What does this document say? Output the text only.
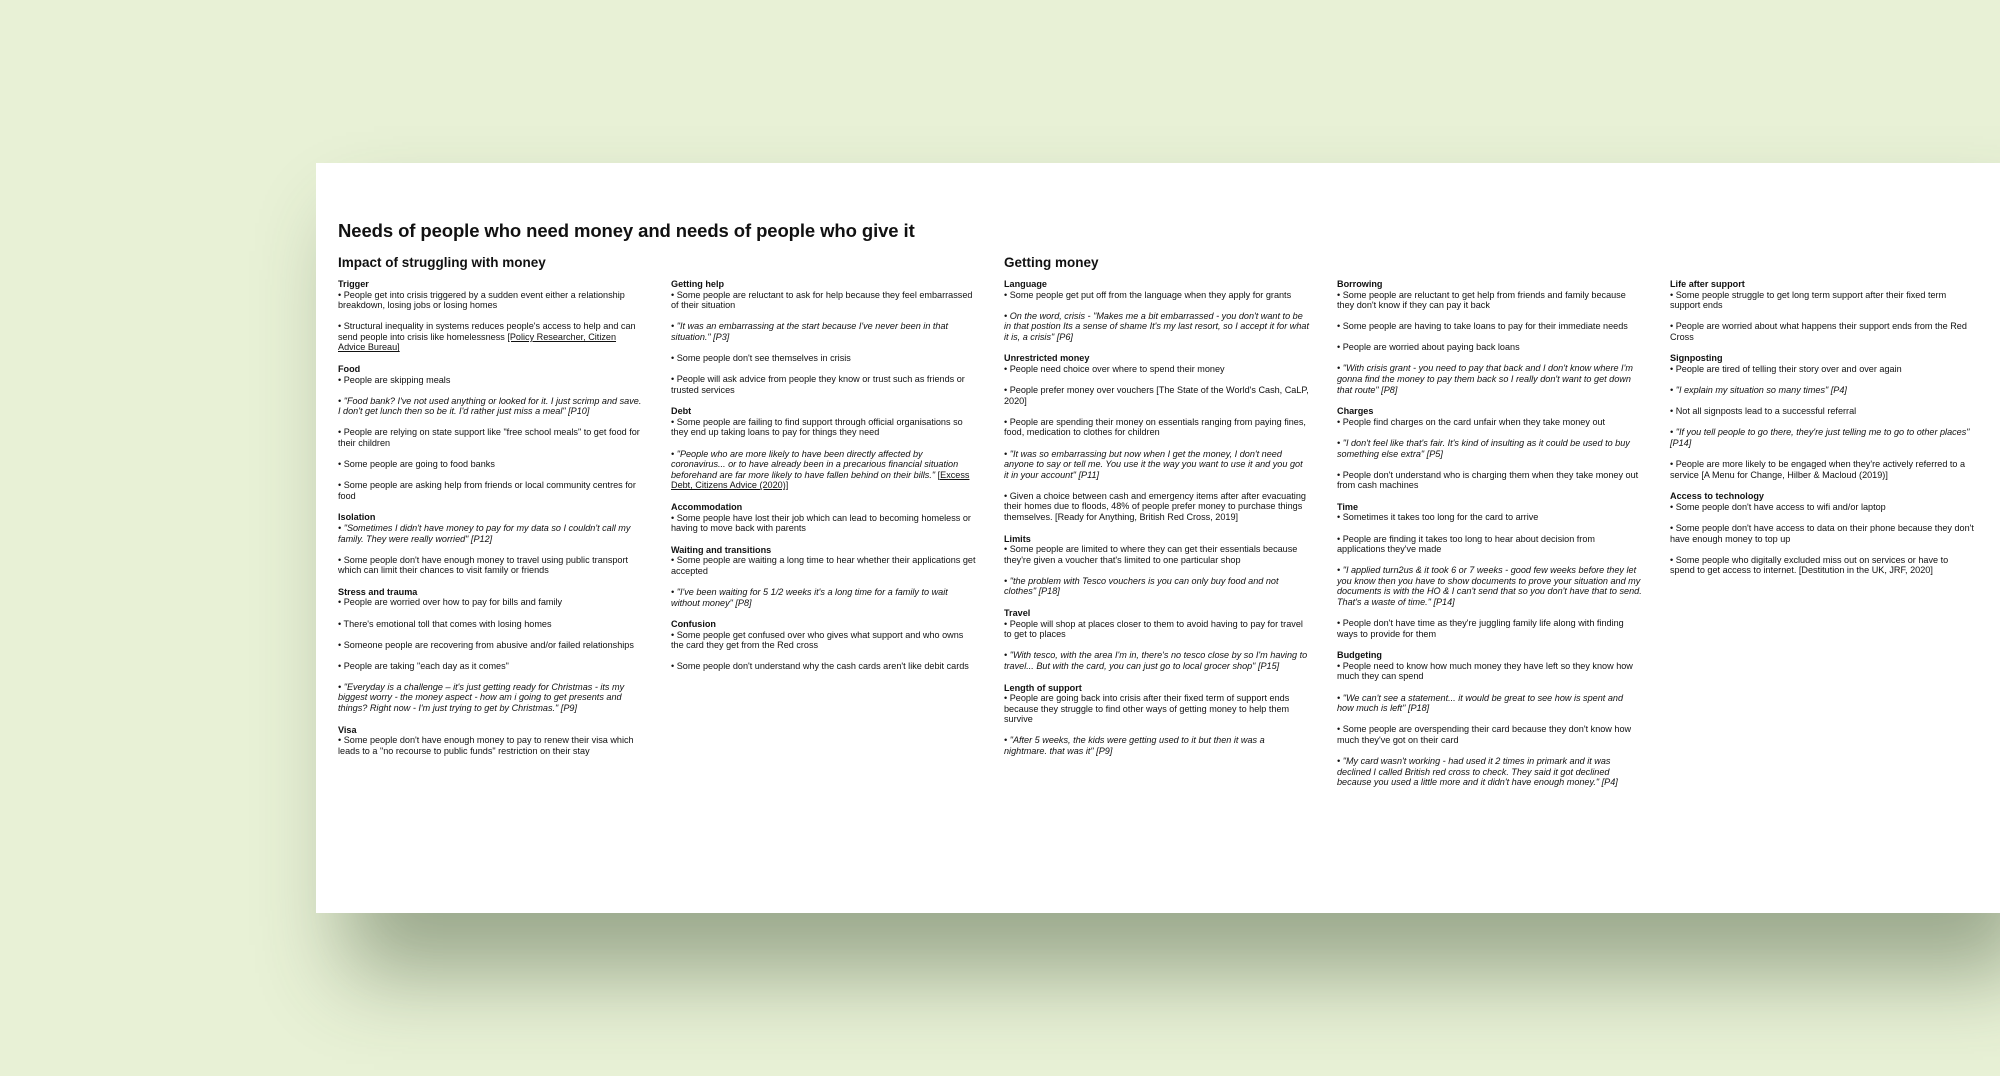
Needs of people who need money and needs of people who give it
Impact of struggling with money	Getting money
Trigger
• People get into crisis triggered by a sudden event either a relationship breakdown, losing jobs or losing homes
• Structural inequality in systems reduces people's access to help and can send people into crisis like homelessness [Policy Researcher, Citizen Advice Bureau]
Food
• People are skipping meals
• "Food bank? I've not used anything or looked for it. I just scrimp and save. I don't get lunch then so be it. I'd rather just miss a meal" [P10]
• People are relying on state support like "free school meals" to get food for their children
• Some people are going to food banks
• Some people are asking help from friends or local community centres for food
Isolation
• "Sometimes I didn't have money to pay for my data so I couldn't call my family. They were really worried" [P12]
• Some people don't have enough money to travel using public transport which can limit their chances to visit family or friends
Stress and trauma
• People are worried over how to pay for bills and family
• There's emotional toll that comes with losing homes
• Someone people are recovering from abusive and/or failed relationships
• People are taking "each day as it comes"
• "Everyday is a challenge – it's just getting ready for Christmas - its my biggest worry - the money aspect - how am i going to get presents and things? Right now - I'm just trying to get by Christmas." [P9]
Visa
• Some people don't have enough money to pay to renew their visa which leads to a "no recourse to public funds" restriction on their stay
Getting help
• Some people are reluctant to ask for help because they feel embarrassed of their situation
• "It was an embarrassing at the start because I've never been in that situation." [P3]
• Some people don't see themselves in crisis
• People will ask advice from people they know or trust such as friends or trusted services
Debt
• Some people are failing to find support through official organisations so they end up taking loans to pay for things they need
• "People who are more likely to have been directly affected by coronavirus... or to have already been in a precarious financial situation beforehand are far more likely to have fallen behind on their bills." [Excess Debt, Citizens Advice (2020)]
Accommodation
• Some people have lost their job which can lead to becoming homeless or having to move back with parents
Waiting and transitions
• Some people are waiting a long time to hear whether their applications get accepted
• "I've been waiting for 5 1/2 weeks it's a long time for a family to wait without money" [P8]
Confusion
• Some people get confused over who gives what support and who owns the card they get from the Red cross
• Some people don't understand why the cash cards aren't like debit cards
Language
• Some people get put off from the language when they apply for grants
• On the word, crisis - "Makes me a bit embarrassed - you don't want to be in that postion Its a sense of shame It's my last resort, so I accept it for what it is, a crisis" [P6]
Unrestricted money
• People need choice over where to spend their money
• People prefer money over vouchers [The State of the World's Cash, CaLP, 2020]
• People are spending their money on essentials ranging from paying fines, food, medication to clothes for children
• "It was so embarrassing but now when I get the money, I don't need anyone to say or tell me. You use it the way you want to use it and you got it in your account" [P11]
• Given a choice between cash and emergency items after after evacuating their homes due to floods, 48% of people prefer money to purchase things themselves. [Ready for Anything, British Red Cross, 2019]
Limits
• Some people are limited to where they can get their essentials because they're given a voucher that's limited to one particular shop
• "the problem with Tesco vouchers is you can only buy food and not clothes" [P18]
Travel
• People will shop at places closer to them to avoid having to pay for travel to get to places
• "With tesco, with the area I'm in, there's no tesco close by so I'm having to travel... But with the card, you can just go to local grocer shop" [P15]
Length of support
• People are going back into crisis after their fixed term of support ends because they struggle to find other ways of getting money to help them survive
• "After 5 weeks, the kids were getting used to it but then it was a nightmare. that was it" [P9]
Borrowing
• Some people are reluctant to get help from friends and family because they don't know if they can pay it back
• Some people are having to take loans to pay for their immediate needs
• People are worried about paying back loans
• "With crisis grant - you need to pay that back and I don't know where I'm gonna find the money to pay them back so I really don't want to get down that route" [P8]
Charges
• People find charges on the card unfair when they take money out
• "I don't feel like that's fair. It's kind of insulting as it could be used to buy something else extra" [P5]
• People don't understand who is charging them when they take money out from cash machines
Time
• Sometimes it takes too long for the card to arrive
• People are finding it takes too long to hear about decision from applications they've made
• "I applied turn2us & it took 6 or 7 weeks - good few weeks before they let you know then you have to show documents to prove your situation and my documents is with the HO & I can't send that so you don't have that to send. That's a waste of time." [P14]
• People don't have time as they're juggling family life along with finding ways to provide for them
Budgeting
• People need to know how much money they have left so they know how much they can spend
• "We can't see a statement... it would be great to see how is spent and how much is left" [P18]
• Some people are overspending their card because they don't know how much they've got on their card
• "My card wasn't working - had used it 2 times in primark and it was declined I called British red cross to check. They said it got declined because you used a little more and it didn't have enough money." [P4]
Life after support
• Some people struggle to get long term support after their fixed term support ends
• People are worried about what happens their support ends from the Red Cross
Signposting
• People are tired of telling their story over and over again
• "I explain my situation so many times" [P4]
• Not all signposts lead to a successful referral
• "If you tell people to go there, they're just telling me to go to other places" [P14]
• People are more likely to be engaged when they're actively referred to a service [A Menu for Change, Hilber & Macloud (2019)]
Access to technology
• Some people don't have access to wifi and/or laptop
• Some people don't have access to data on their phone because they don't have enough money to top up
• Some people who digitally excluded miss out on services or have to spend to get access to internet. [Destitution in the UK, JRF, 2020]
